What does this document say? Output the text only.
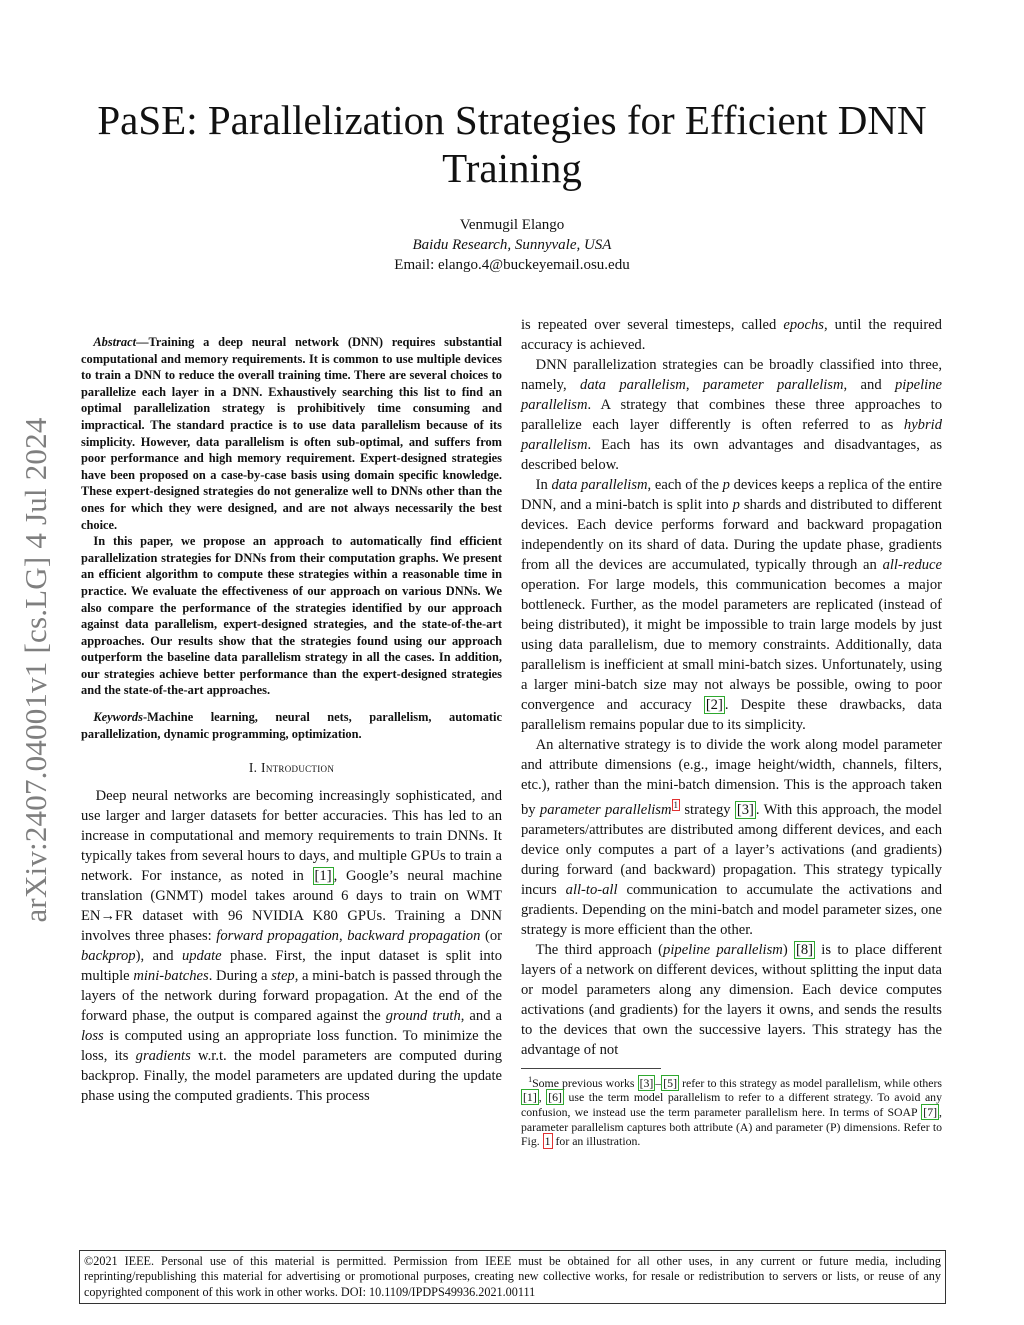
arXiv:2407.04001v1 [cs.LG] 4 Jul 2024
PaSE: Parallelization Strategies for Efficient DNN Training
Venmugil Elango
Baidu Research, Sunnyvale, USA
Email: elango.4@buckeyemail.osu.edu

Abstract—Training a deep neural network (DNN) requires substantial computational and memory requirements. It is common to use multiple devices to train a DNN to reduce the overall training time. There are several choices to parallelize each layer in a DNN. Exhaustively searching this list to find an optimal parallelization strategy is prohibitively time consuming and impractical. The standard practice is to use data parallelism because of its simplicity. However, data parallelism is often sub-optimal, and suffers from poor performance and high memory requirement. Expert-designed strategies have been proposed on a case-by-case basis using domain specific knowledge. These expert-designed strategies do not generalize well to DNNs other than the ones for which they were designed, and are not always necessarily the best choice.

In this paper, we propose an approach to automatically find efficient parallelization strategies for DNNs from their computation graphs. We present an efficient algorithm to compute these strategies within a reasonable time in practice. We evaluate the effectiveness of our approach on various DNNs. We also compare the performance of the strategies identified by our approach against data parallelism, expert-designed strategies, and the state-of-the-art approaches. Our results show that the strategies found using our approach outperform the baseline data parallelism strategy in all the cases. In addition, our strategies achieve better performance than the expert-designed strategies and the state-of-the-art approaches.

Keywords-Machine learning, neural nets, parallelism, automatic parallelization, dynamic programming, optimization.

I. Introduction

Deep neural networks are becoming increasingly sophisticated, and use larger and larger datasets for better accuracies. This has led to an increase in computational and memory requirements to train DNNs. It typically takes from several hours to days, and multiple GPUs to train a network. For instance, as noted in [1] , Google’s neural machine translation (GNMT) model takes around 6 days to train on WMT EN→FR dataset with 96 NVIDIA K80 GPUs. Training a DNN involves three phases: forward propagation, backward propagation (or backprop), and update phase. First, the input dataset is split into multiple mini-batches. During a step, a mini-batch is passed through the layers of the network during forward propagation. At the end of the forward phase, the output is compared against the ground truth, and a loss is computed using an appropriate loss function. To minimize the loss, its gradients w.r.t. the model parameters are computed during backprop. Finally, the model parameters are updated during the update phase using the computed gradients. This process

is repeated over several timesteps, called epochs, until the required accuracy is achieved.

DNN parallelization strategies can be broadly classified into three, namely, data parallelism, parameter parallelism, and pipeline parallelism. A strategy that combines these three approaches to parallelize each layer differently is often referred to as hybrid parallelism. Each has its own advantages and disadvantages, as described below.

In data parallelism, each of the p devices keeps a replica of the entire DNN, and a mini-batch is split into p shards and distributed to different devices. Each device performs forward and backward propagation independently on its shard of data. During the update phase, gradients from all the devices are accumulated, typically through an all-reduce operation. For large models, this communication becomes a major bottleneck. Further, as the model parameters are replicated (instead of being distributed), it might be impossible to train large models by just using data parallelism, due to memory constraints. Additionally, data parallelism is inefficient at small mini-batch sizes. Unfortunately, using a larger mini-batch size may not always be possible, owing to poor convergence and accuracy [2] . Despite these drawbacks, data parallelism remains popular due to its simplicity.

An alternative strategy is to divide the work along model parameter and attribute dimensions (e.g., image height/width, channels, filters, etc.), rather than the mini-batch dimension. This is the approach taken by parameter parallelism $^1$ strategy [3] . With this approach, the model parameters/attributes are distributed among different devices, and each device only computes a part of a layer’s activations (and gradients) during forward (and backward) propagation. This strategy typically incurs all-to-all communication to accumulate the activations and gradients. Depending on the mini-batch and model parameter sizes, one strategy is more efficient than the other.

The third approach (pipeline parallelism) [8] is to place different layers of a network on different devices, without splitting the input data or model parameters along any dimension. Each device computes activations (and gradients) for the layers it owns, and sends the results to the devices that own the successive layers. This strategy has the advantage of not

$^1$Some previous works [3] – [5] refer to this strategy as model parallelism, while others [1] , [6] use the term model parallelism to refer to a different strategy. To avoid any confusion, we instead use the term parameter parallelism here. In terms of SOAP [7] , parameter parallelism captures both attribute (A) and parameter (P) dimensions. Refer to Fig. 1 for an illustration.

©2021 IEEE. Personal use of this material is permitted. Permission from IEEE must be obtained for all other uses, in any current or future media, including reprinting/republishing this material for advertising or promotional purposes, creating new collective works, for resale or redistribution to servers or lists, or reuse of any copyrighted component of this work in other works. DOI: 10.1109/IPDPS49936.2021.00111
